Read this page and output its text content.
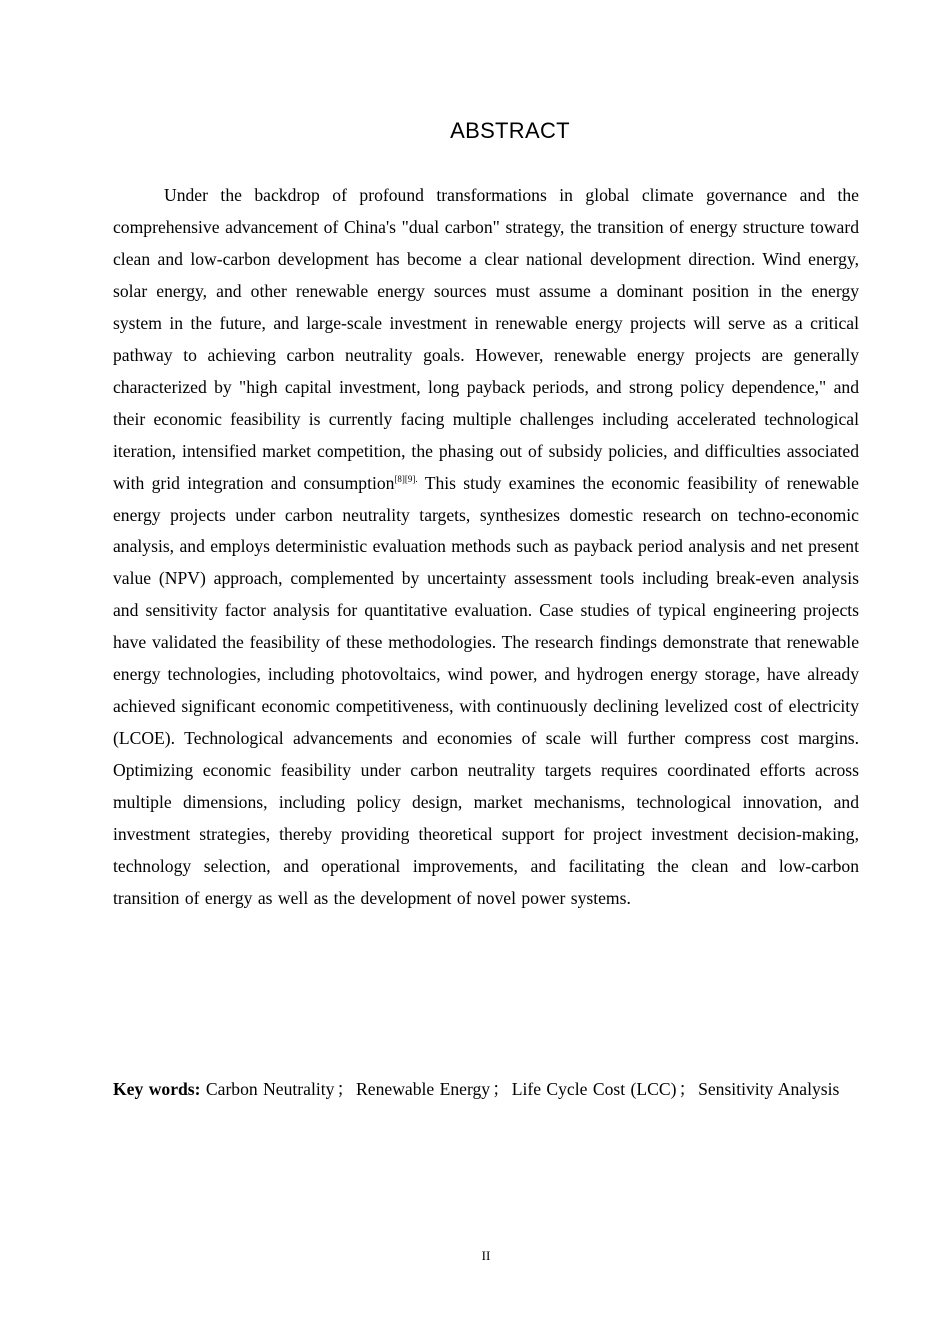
ABSTRACT

Under the backdrop of profound transformations in global climate governance and the comprehensive advancement of China's "dual carbon" strategy, the transition of energy structure toward clean and low-carbon development has become a clear national development direction. Wind energy, solar energy, and other renewable energy sources must assume a dominant position in the energy system in the future, and large-scale investment in renewable energy projects will serve as a critical pathway to achieving carbon neutrality goals. However, renewable energy projects are generally characterized by "high capital investment, long payback periods, and strong policy dependence," and their economic feasibility is currently facing multiple challenges including accelerated technological iteration, intensified market competition, the phasing out of subsidy policies, and difficulties associated with grid integration and consumption$^{[8][9].}$ This study examines the economic feasibility of renewable energy projects under carbon neutrality targets, synthesizes domestic research on techno-economic analysis, and employs deterministic evaluation methods such as payback period analysis and net present value (NPV) approach, complemented by uncertainty assessment tools including break-even analysis and sensitivity factor analysis for quantitative evaluation. Case studies of typical engineering projects have validated the feasibility of these methodologies. The research findings demonstrate that renewable energy technologies, including photovoltaics, wind power, and hydrogen energy storage, have already achieved significant economic competitiveness, with continuously declining levelized cost of electricity (LCOE). Technological advancements and economies of scale will further compress cost margins. Optimizing economic feasibility under carbon neutrality targets requires coordinated efforts across multiple dimensions, including policy design, market mechanisms, technological innovation, and investment strategies, thereby providing theoretical support for project investment decision-making, technology selection, and operational improvements, and facilitating the clean and low-carbon transition of energy as well as the development of novel power systems.

Key words: Carbon Neutrality ； Renewable Energy ； Life Cycle Cost (LCC) ； Sensitivity Analysis

II
